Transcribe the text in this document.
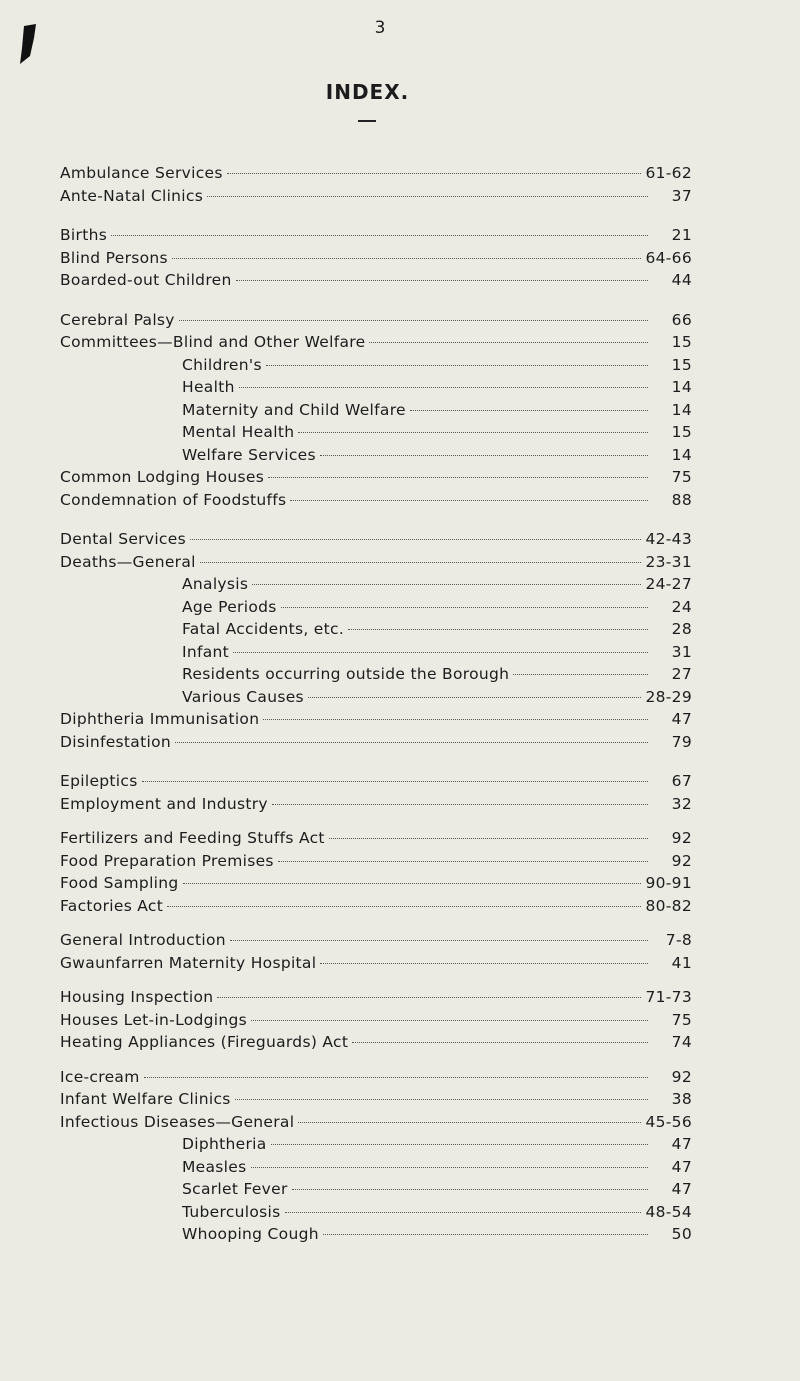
3
INDEX.
Ambulance Services	61-62
Ante-Natal Clinics	37
Births	21
Blind Persons	64-66
Boarded-out Children	44
Cerebral Palsy	66
Committees—Blind and Other Welfare	15
Children's	15
Health	14
Maternity and Child Welfare	14
Mental Health	15
Welfare Services	14
Common Lodging Houses	75
Condemnation of Foodstuffs	88
Dental Services	42-43
Deaths—General	23-31
Analysis	24-27
Age Periods	24
Fatal Accidents, etc.	28
Infant	31
Residents occurring outside the Borough	27
Various Causes	28-29
Diphtheria Immunisation	47
Disinfestation	79
Epileptics	67
Employment and Industry	32
Fertilizers and Feeding Stuffs Act	92
Food Preparation Premises	92
Food Sampling	90-91
Factories Act	80-82
General Introduction	7-8
Gwaunfarren Maternity Hospital	41
Housing Inspection	71-73
Houses Let-in-Lodgings	75
Heating Appliances (Fireguards) Act	74
Ice-cream	92
Infant Welfare Clinics	38
Infectious Diseases—General	45-56
Diphtheria	47
Measles	47
Scarlet Fever	47
Tuberculosis	48-54
Whooping Cough	50
